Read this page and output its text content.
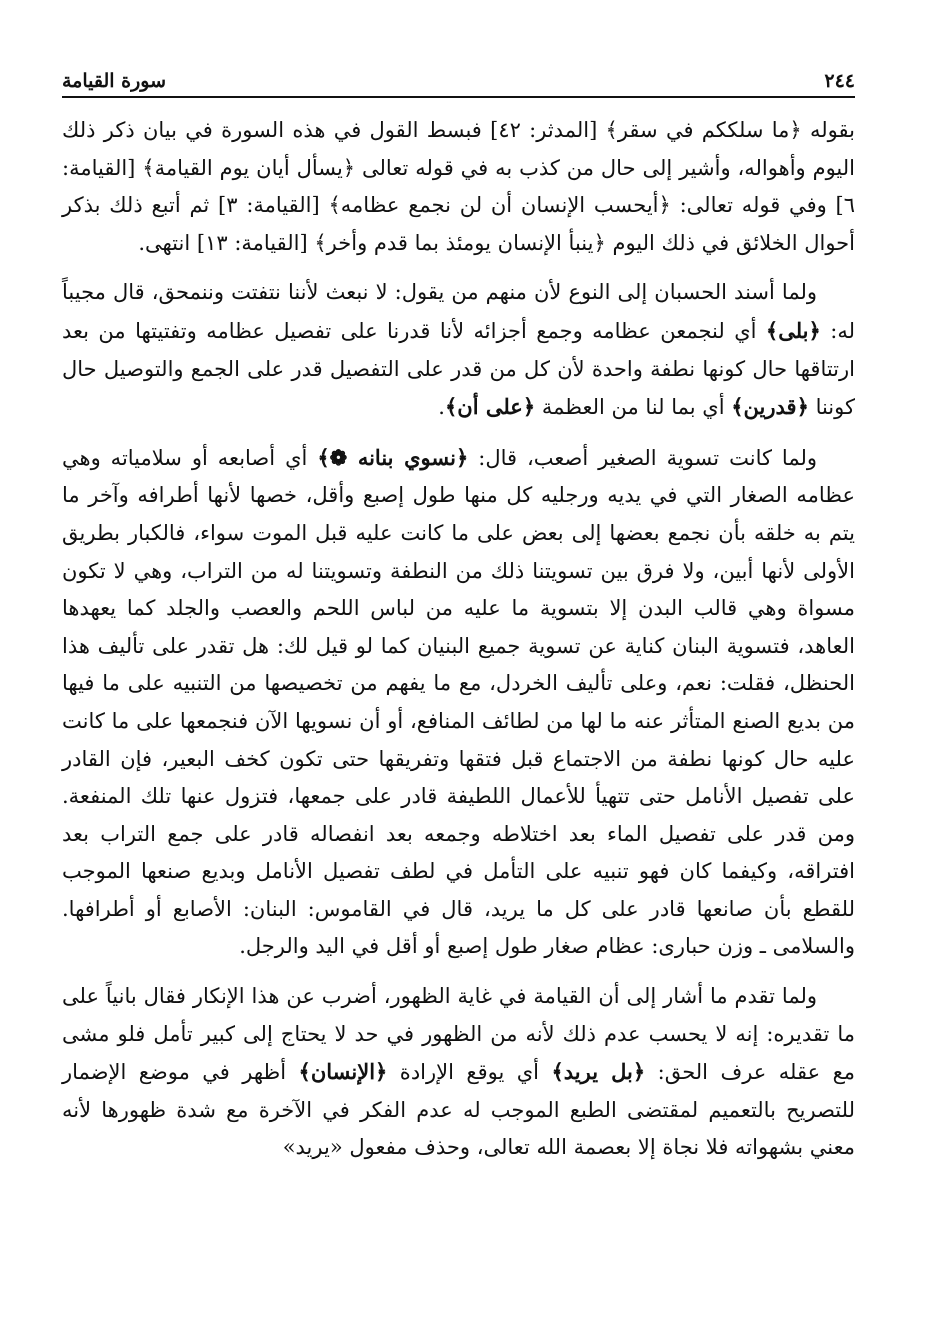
٢٤٤
سورة القيامة

بقوله ﴿ما سلككم في سقر﴾ [المدثر: ٤٢] فبسط القول في هذه السورة في بيان ذكر ذلك اليوم وأهواله، وأشير إلى حال من كذب به في قوله تعالى ﴿يسأل أيان يوم القيامة﴾ [القيامة: ٦] وفي قوله تعالى: ﴿أيحسب الإنسان أن لن نجمع عظامه﴾ [القيامة: ٣] ثم أتبع ذلك بذكر أحوال الخلائق في ذلك اليوم ﴿ينبأ الإنسان يومئذ بما قدم وأخر﴾ [القيامة: ١٣] انتهى.

ولما أسند الحسبان إلى النوع لأن منهم من يقول: لا نبعث لأننا نتفتت وننمحق، قال مجيباً له: ﴿بلى﴾ أي لنجمعن عظامه وجمع أجزائه لأنا قدرنا على تفصيل عظامه وتفتيتها من بعد ارتتاقها حال كونها نطفة واحدة لأن كل من قدر على التفصيل قدر على الجمع والتوصيل حال كوننا ﴿قدرين﴾ أي بما لنا من العظمة ﴿على أن﴾.

ولما كانت تسوية الصغير أصعب، قال: ﴿نسوي بنانه ❁﴾ أي أصابعه أو سلامياته وهي عظامه الصغار التي في يديه ورجليه كل منها طول إصبع وأقل، خصها لأنها أطرافه وآخر ما يتم به خلقه بأن نجمع بعضها إلى بعض على ما كانت عليه قبل الموت سواء، فالكبار بطريق الأولى لأنها أبين، ولا فرق بين تسويتنا ذلك من النطفة وتسويتنا له من التراب، وهي لا تكون مسواة وهي قالب البدن إلا بتسوية ما عليه من لباس اللحم والعصب والجلد كما يعهدها العاهد، فتسوية البنان كناية عن تسوية جميع البنيان كما لو قيل لك: هل تقدر على تأليف هذا الحنظل، فقلت: نعم، وعلى تأليف الخردل، مع ما يفهم من تخصيصها من التنبيه على ما فيها من بديع الصنع المتأثر عنه ما لها من لطائف المنافع، أو أن نسويها الآن فنجمعها على ما كانت عليه حال كونها نطفة من الاجتماع قبل فتقها وتفريقها حتى تكون كخف البعير، فإن القادر على تفصيل الأنامل حتى تتهيأ للأعمال اللطيفة قادر على جمعها، فتزول عنها تلك المنفعة. ومن قدر على تفصيل الماء بعد اختلاطه وجمعه بعد انفصاله قادر على جمع التراب بعد افتراقه، وكيفما كان فهو تنبيه على التأمل في لطف تفصيل الأنامل وبديع صنعها الموجب للقطع بأن صانعها قادر على كل ما يريد، قال في القاموس: البنان: الأصابع أو أطرافها. والسلامى ـ وزن حبارى: عظام صغار طول إصبع أو أقل في اليد والرجل.

ولما تقدم ما أشار إلى أن القيامة في غاية الظهور، أضرب عن هذا الإنكار فقال بانياً على ما تقديره: إنه لا يحسب عدم ذلك لأنه من الظهور في حد لا يحتاج إلى كبير تأمل فلو مشى مع عقله عرف الحق: ﴿بل يريد﴾ أي يوقع الإرادة ﴿الإنسان﴾ أظهر في موضع الإضمار للتصريح بالتعميم لمقتضى الطبع الموجب له عدم الفكر في الآخرة مع شدة ظهورها لأنه معني بشهواته فلا نجاة إلا بعصمة الله تعالى، وحذف مفعول «يريد»
